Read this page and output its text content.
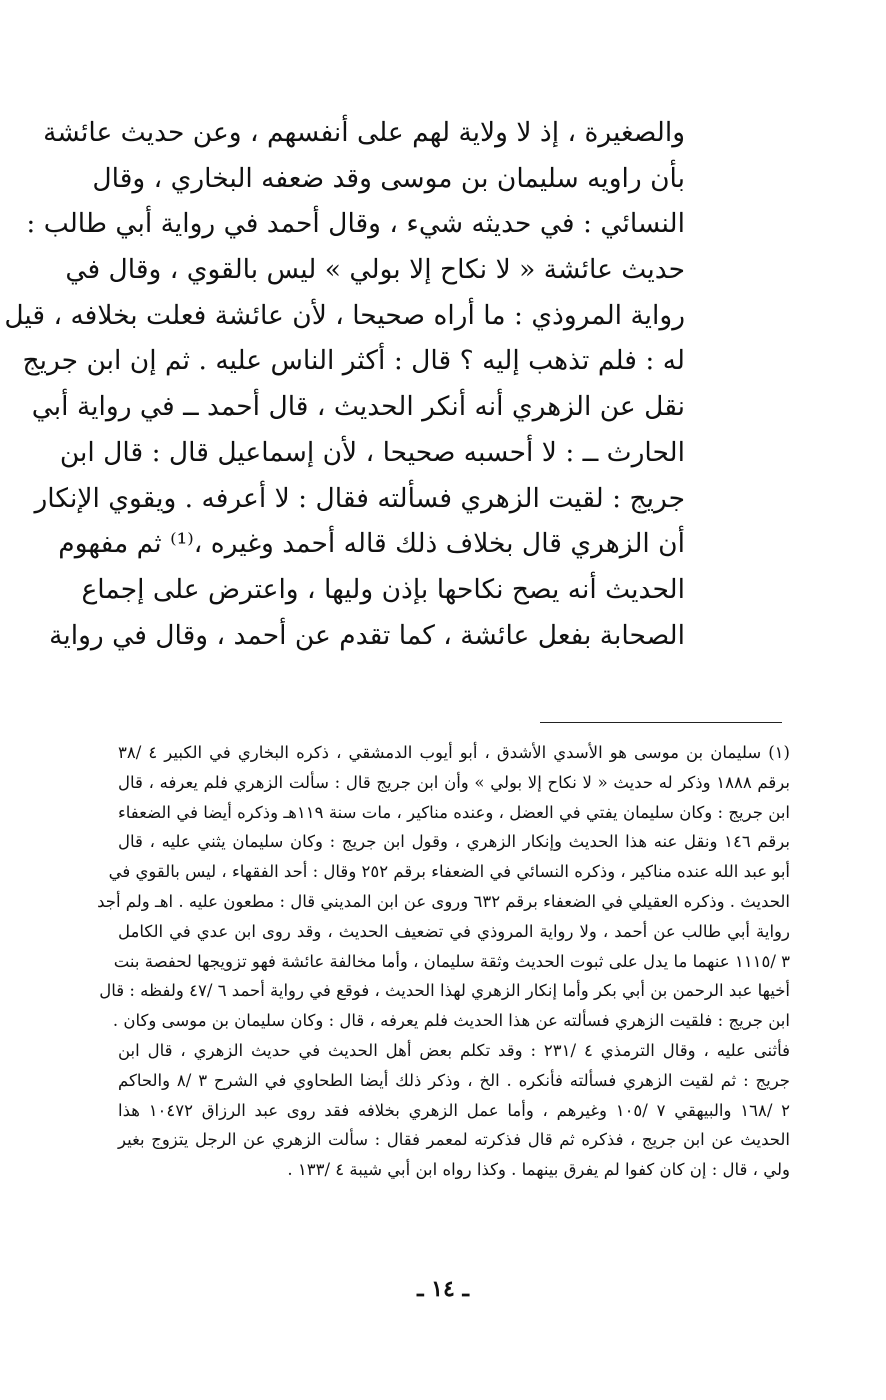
والصغيرة ، إذ لا ولاية لهم على أنفسهم ، وعن حديث عائشة
بأن راويه سليمان بن موسى وقد ضعفه البخاري ، وقال
النسائي : في حديثه شيء ، وقال أحمد في رواية أبي طالب :
حديث عائشة « لا نكاح إلا بولي » ليس بالقوي ، وقال في
رواية المروذي : ما أراه صحيحا ، لأن عائشة فعلت بخلافه ، قيل
له : فلم تذهب إليه ؟ قال : أكثر الناس عليه . ثم إن ابن جريج
نقل عن الزهري أنه أنكر الحديث ، قال أحمد ــ في رواية أبي
الحارث ــ : لا أحسبه صحيحا ، لأن إسماعيل قال : قال ابن
جريج : لقيت الزهري فسألته فقال : لا أعرفه . ويقوي الإنكار
أن الزهري قال بخلاف ذلك قاله أحمد وغيره ،⁽¹⁾ ثم مفهوم
الحديث أنه يصح نكاحها بإذن وليها ، واعترض على إجماع
الصحابة بفعل عائشة ، كما تقدم عن أحمد ، وقال في رواية
(١) سليمان بن موسى هو الأسدي الأشدق ، أبو أيوب الدمشقي ، ذكره البخاري في الكبير ٤ /٣٨
برقم ١٨٨٨ وذكر له حديث « لا نكاح إلا بولي » وأن ابن جريج قال : سألت الزهري فلم يعرفه ، قال
ابن جريج : وكان سليمان يفتي في العضل ، وعنده مناكير ، مات سنة ١١٩هـ وذكره أيضا في الضعفاء
برقم ١٤٦ ونقل عنه هذا الحديث وإنكار الزهري ، وقول ابن جريج : وكان سليمان يثني عليه ، قال
أبو عبد الله عنده مناكير ، وذكره النسائي في الضعفاء برقم ٢٥٢ وقال : أحد الفقهاء ، ليس بالقوي في
الحديث . وذكره العقيلي في الضعفاء برقم ٦٣٢ وروى عن ابن المديني قال : مطعون عليه . اهـ ولم أجد
رواية أبي طالب عن أحمد ، ولا رواية المروذي في تضعيف الحديث ، وقد روى ابن عدي في الكامل
٣ /١١١٥ عنهما ما يدل على ثبوت الحديث وثقة سليمان ، وأما مخالفة عائشة فهو تزويجها لحفصة بنت
أخيها عبد الرحمن بن أبي بكر وأما إنكار الزهري لهذا الحديث ، فوقع في رواية أحمد ٦ /٤٧ ولفظه : قال
ابن جريج : فلقيت الزهري فسألته عن هذا الحديث فلم يعرفه ، قال : وكان سليمان بن موسى وكان .
فأثنى عليه ، وقال الترمذي ٤ /٢٣١ : وقد تكلم بعض أهل الحديث في حديث الزهري ، قال ابن
جريج : ثم لقيت الزهري فسألته فأنكره . الخ ، وذكر ذلك أيضا الطحاوي في الشرح ٣ /٨ والحاكم
٢ /١٦٨ والبيهقي ٧ /١٠٥ وغيرهم ، وأما عمل الزهري بخلافه فقد روى عبد الرزاق ١٠٤٧٢ هذا
الحديث عن ابن جريج ، فذكره ثم قال فذكرته لمعمر فقال : سألت الزهري عن الرجل يتزوج بغير
ولي ، قال : إن كان كفوا لم يفرق بينهما . وكذا رواه ابن أبي شيبة ٤ /١٣٣ .
ـ ١٤ ـ
